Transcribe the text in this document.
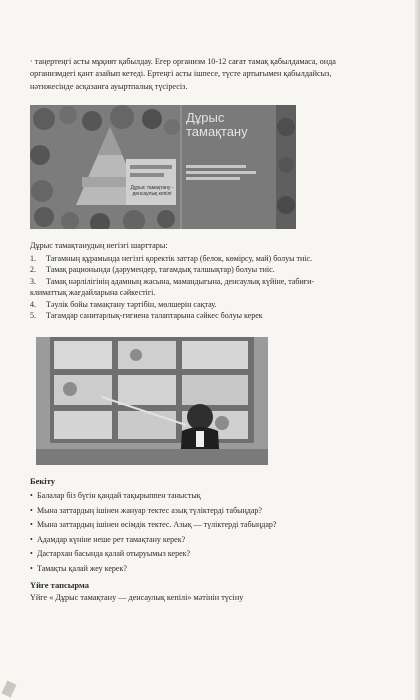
· таңертеңгі асты мұқият қабылдау. Егер организм 10-12 сағат тамақ қабылдамаса, онда
организмдегі қант азайып кетеді. Ертеңгі асты ішпесе, түсте артығымен қабылдайсыз,
нәтижесінде асқазанға ауыртпалық түсіресіз.

Дұрыс
тамақтану
Дұрыс тамақтану -
денсаулық кепілі

Дұрыс тамақтанудың негізгі шарттары:

1.	Тағамның құрамында негізгі қоректік заттар (белок, көмірсу, май) болуы тиіс.
2.	Тамақ рационында (дәрумендер, тағамдық талшықтар) болуы тиіс.
3.	Тамақ нәрлілігінің адамның жасына, мамандығына, денсаулық күйіне, табиғи-
климаттық жағдайларына сәйкестігі.
4.	Тәулік бойы тамақтану тәртібін, мөлшерін сақтау.
5.	Тағамдар санитарлық-гигиена талаптарына сәйкес болуы керек

Бекіту

• Балалар біз бүгін қандай тақырыппен таныстық
• Мына заттардың ішінен жануар тектес азық түліктерді табыңдар?
• Мына заттардың ішінен өсімдік тектес. Азық — түліктерді табыңдар?
• Адамдар күніне неше рет тамақтану керек?
• Дастархан басында қалай отыруымыз керек?
• Тамақты қалай жеу керек?

Үйге тапсырма

Үйге « Дұрыс тамақтану — денсаулық кепілі» мәтінін түсіну
